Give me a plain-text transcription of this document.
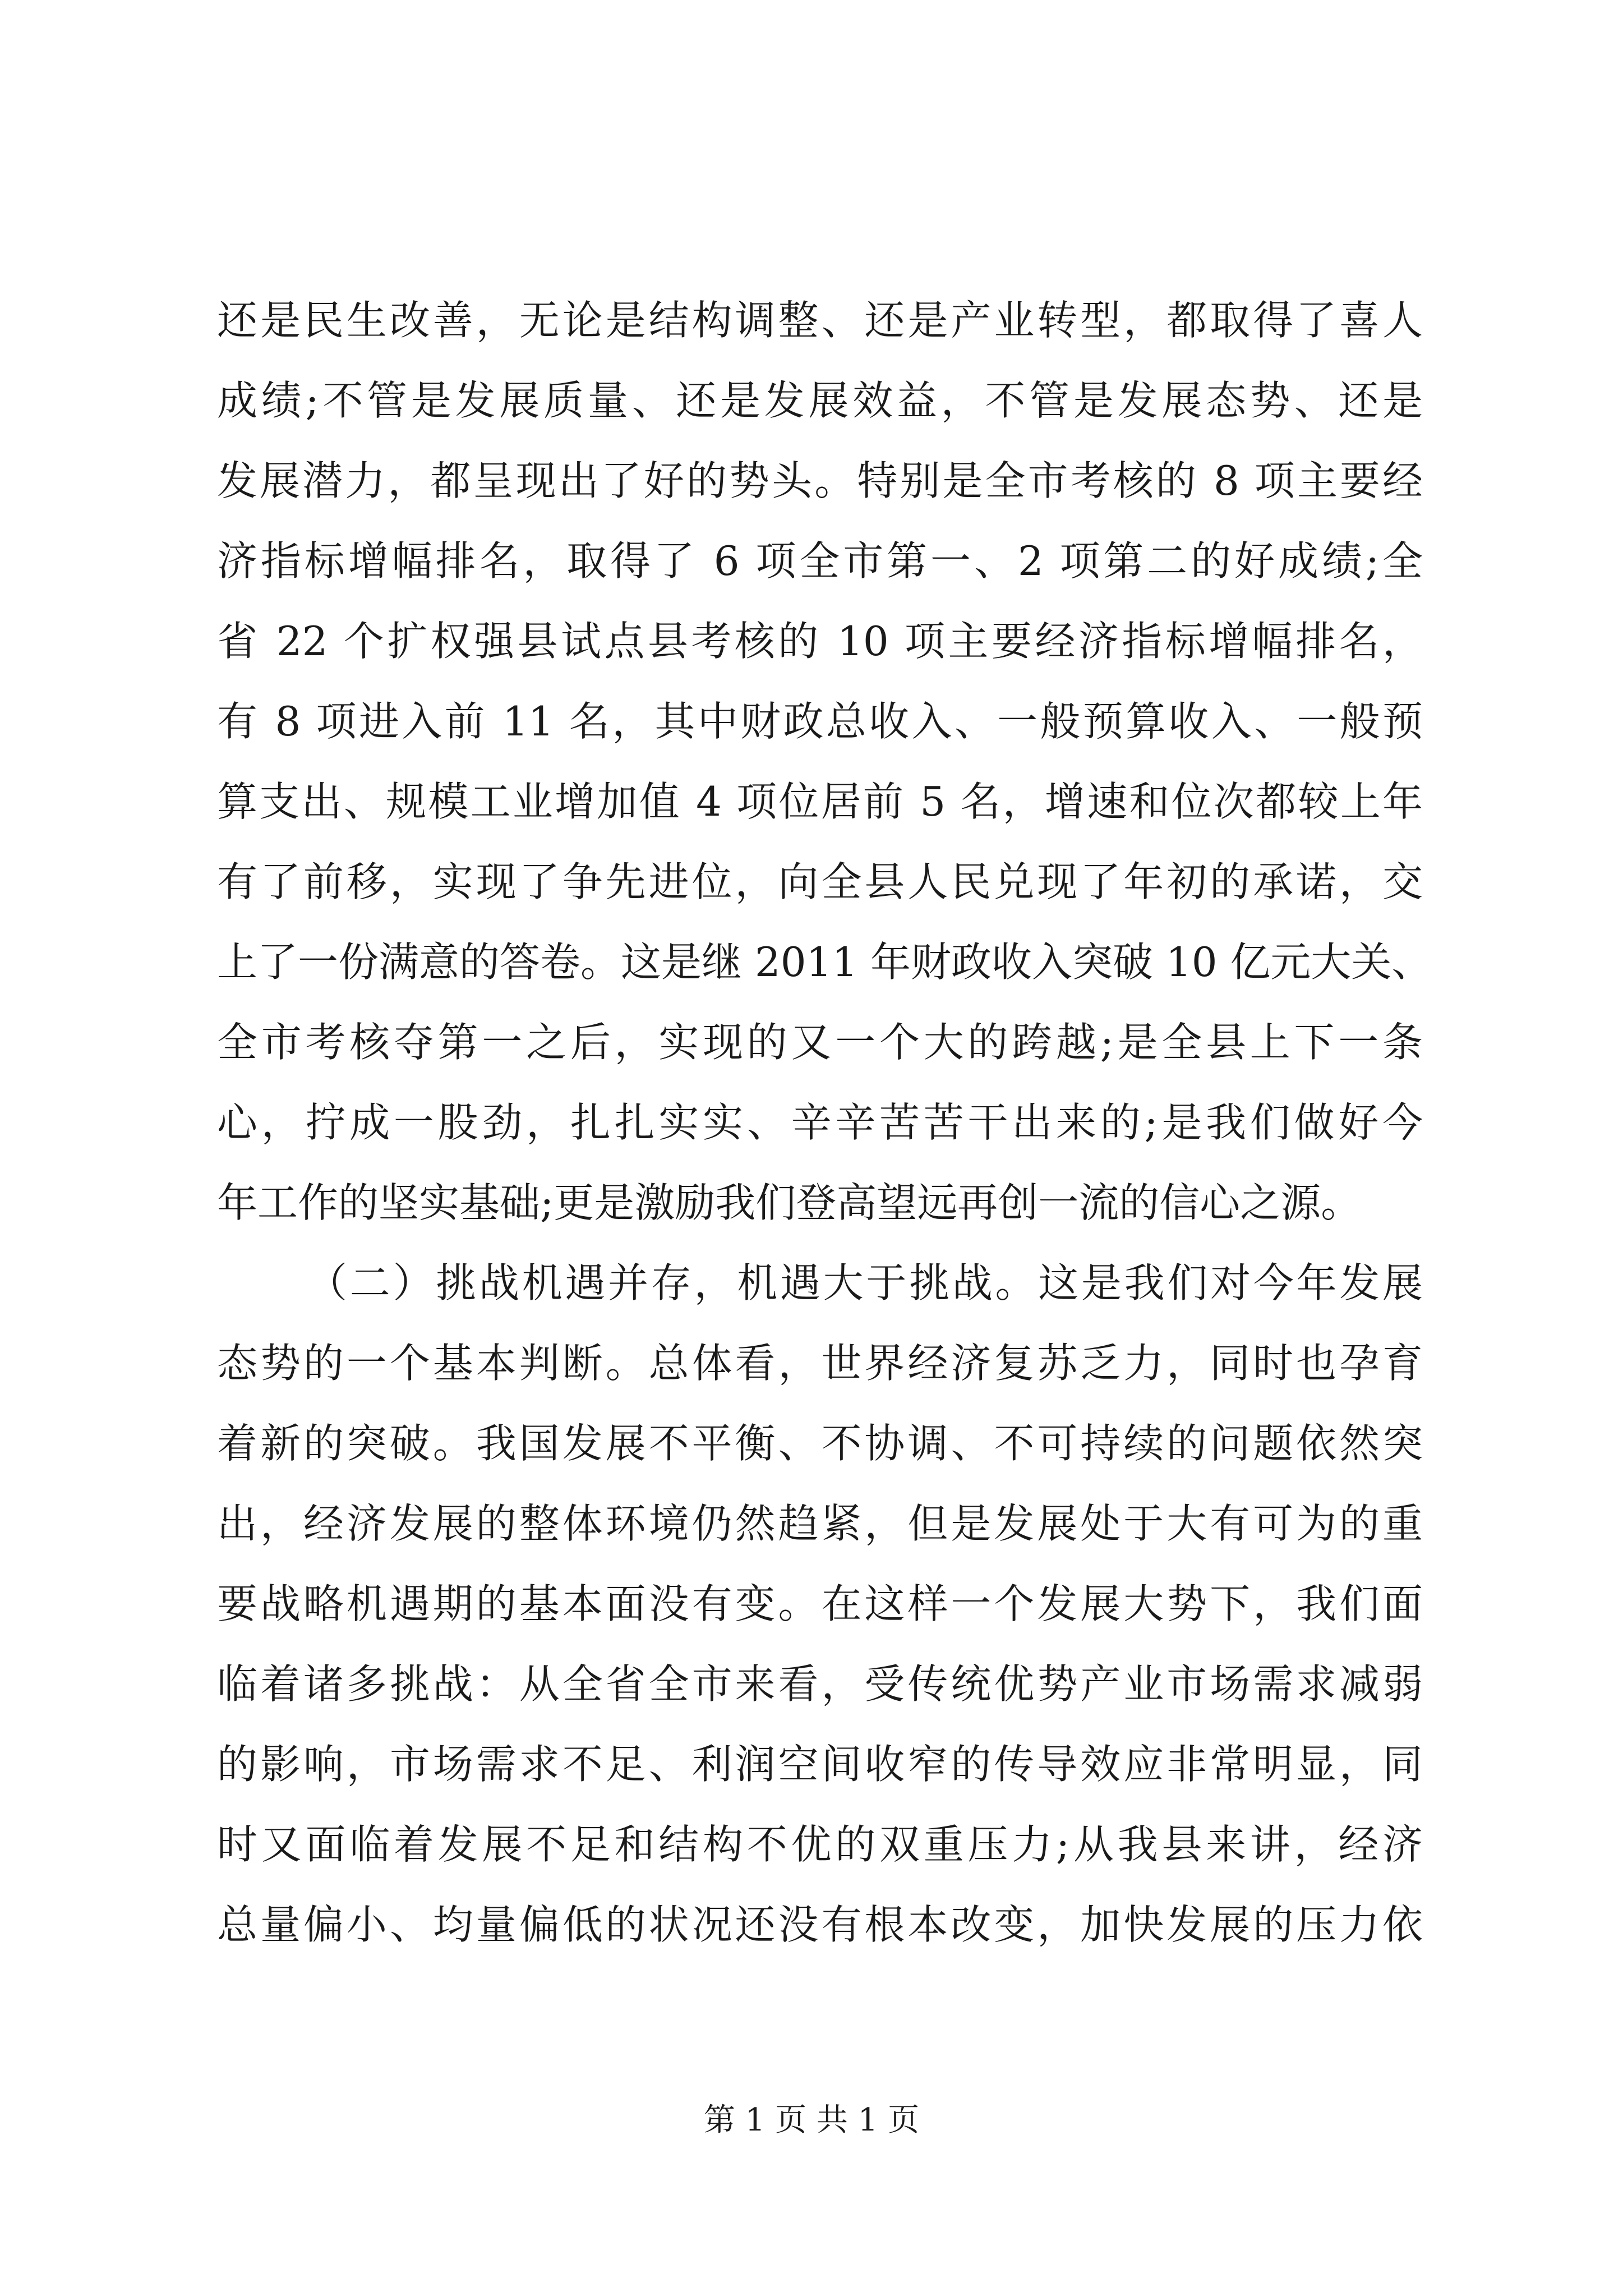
还是民生改善，无论是结构调整、还是产业转型，都取得了喜人
成绩;不管是发展质量、还是发展效益，不管是发展态势、还是
发展潜力，都呈现出了好的势头。特别是全市考核的 8 项主要经
济指标增幅排名，取得了 6 项全市第一、2 项第二的好成绩;全
省 22 个扩权强县试点县考核的 10 项主要经济指标增幅排名，
有 8 项进入前 11 名，其中财政总收入、一般预算收入、一般预
算支出、规模工业增加值 4 项位居前 5 名，增速和位次都较上年
有了前移，实现了争先进位，向全县人民兑现了年初的承诺，交
上了一份满意的答卷。这是继 2011 年财政收入突破 10 亿元大关、
全市考核夺第一之后，实现的又一个大的跨越;是全县上下一条
心，拧成一股劲，扎扎实实、辛辛苦苦干出来的;是我们做好今
年工作的坚实基础;更是激励我们登高望远再创一流的信心之源。
（二）挑战机遇并存，机遇大于挑战。这是我们对今年发展
态势的一个基本判断。总体看，世界经济复苏乏力，同时也孕育
着新的突破。我国发展不平衡、不协调、不可持续的问题依然突
出，经济发展的整体环境仍然趋紧，但是发展处于大有可为的重
要战略机遇期的基本面没有变。在这样一个发展大势下，我们面
临着诸多挑战：从全省全市来看，受传统优势产业市场需求减弱
的影响，市场需求不足、利润空间收窄的传导效应非常明显，同
时又面临着发展不足和结构不优的双重压力;从我县来讲，经济
总量偏小、均量偏低的状况还没有根本改变，加快发展的压力依
第 1 页 共 1 页
